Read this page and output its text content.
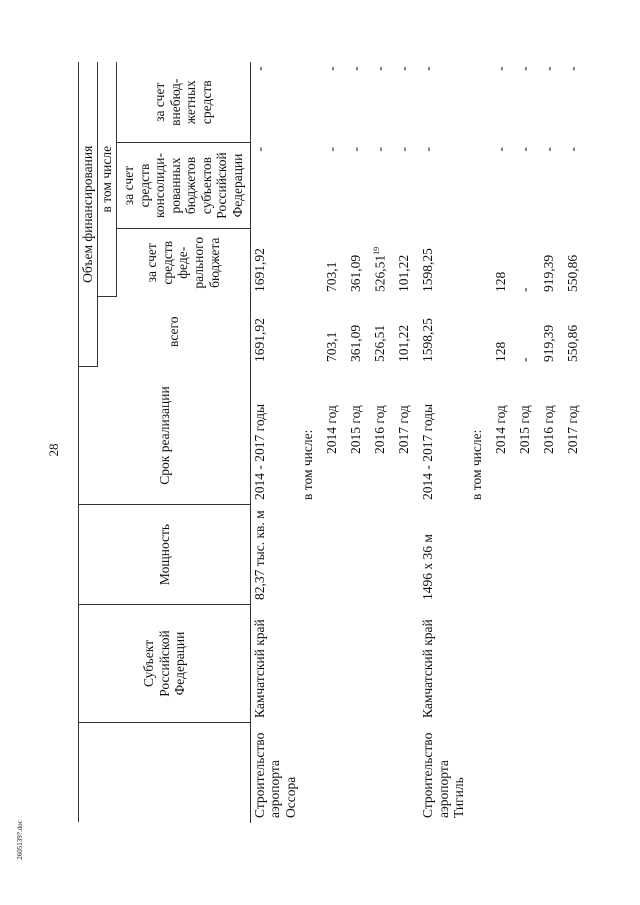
28
2605139?.doc
	Субъект Российской Федерации	Мощность	Срок реализации	Объем финансирования			
				всего	в том числе		
					за счет средств феде-рального бюджета	за счет средств консолиди-рованных бюджетов субъектов Российской Федерации	за счет внебюд-жетных средств
Строительство аэропорта Оссора	Камчатский край	82,37 тыс. кв. м	2014 - 2017 годы	1691,92	1691,92	-	-
			в том числе:				
			2014 год	703,1	703,1	-	-
			2015 год	361,09	361,09	-	-
			2016 год	526,51	526,51$^{19}$	-	-
			2017 год	101,22	101,22	-	-
Строительство аэропорта Тигиль	Камчатский край	1496 x 36 м	2014 - 2017 годы	1598,25	1598,25	-	-
			в том числе:				
			2014 год	128	128	-	-
			2015 год	-	-	-	-
			2016 год	919,39	919,39	-	-
			2017 год	550,86	550,86	-	-
